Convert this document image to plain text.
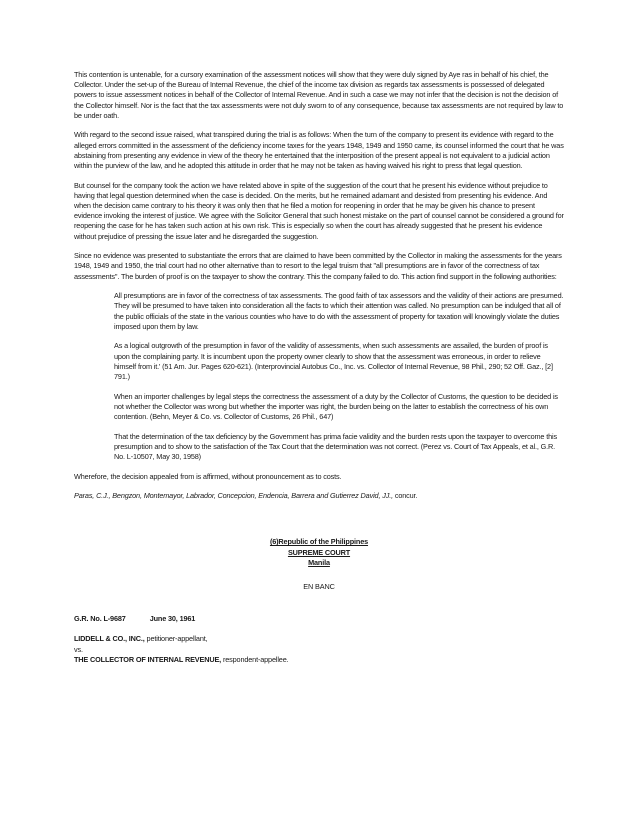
This contention is untenable, for a cursory examination of the assessment notices will show that they were duly signed by Aye ras in behalf of his chief, the Collector. Under the set-up of the Bureau of Internal Revenue, the chief of the income tax division as regards tax assessments is possessed of delegated powers to issue assessment notices in behalf of the Collector of Internal Revenue. And in such a case we may not infer that the decision is not the decision of the Collector himself. Nor is the fact that the tax assessments were not duly sworn to of any consequence, because tax assessments are not required by law to be under oath.

With regard to the second issue raised, what transpired during the trial is as follows: When the turn of the company to present its evidence with regard to the alleged errors committed in the assessment of the deficiency income taxes for the years 1948, 1949 and 1950 came, its counsel informed the court that he was abstaining from presenting any evidence in view of the theory he entertained that the interposition of the present appeal is not equivalent to a judicial action within the purview of the law, and he adopted this attitude in order that he may not be taken as having waived his right to press that legal question.

But counsel for the company took the action we have related above in spite of the suggestion of the court that he present his evidence without prejudice to having that legal question determined when the case is decided. On the merits, but he remained adamant and desisted from presenting his evidence. And when the decision came contrary to his theory it was only then that he filed a motion for reopening in order that he may be given his chance to present evidence invoking the interest of justice. We agree with the Solicitor General that such honest mistake on the part of counsel cannot be considered a ground for reopening the case for he has taken such action at his own risk. This is especially so when the court has already suggested that he present his evidence without prejudice of pressing the issue later and he disregarded the suggestion.

Since no evidence was presented to substantiate the errors that are claimed to have been committed by the Collector in making the assessments for the years 1948, 1949 and 1950, the trial court had no other alternative than to resort to the legal truism that "all presumptions are in favor of the correctness of tax assessments". The burden of proof is on the taxpayer to show the contrary. This the company failed to do. This action find support in the following authorities:

All presumptions are in favor of the correctness of tax assessments. The good faith of tax assessors and the validity of their actions are presumed. They will be presumed to have taken into consideration all the facts to which their attention was called. No presumption can be indulged that all of the public officials of the state in the various counties who have to do with the assessment of property for taxation will knowingly violate the duties imposed upon them by law.

As a logical outgrowth of the presumption in favor of the validity of assessments, when such assessments are assailed, the burden of proof is upon the complaining party. It is incumbent upon the property owner clearly to show that the assessment was erroneous, in order to relieve himself from it.' (51 Am. Jur. Pages 620-621). (Interprovincial Autobus Co., Inc. vs. Collector of Internal Revenue, 98 Phil., 290; 52 Off. Gaz., [2] 791.)

When an importer challenges by legal steps the correctness the assessment of a duty by the Collector of Customs, the question to be decided is not whether the Collector was wrong but whether the importer was right, the burden being on the latter to establish the correctness of his own contention. (Behn, Meyer & Co. vs. Collector of Customs, 26 Phil., 647)

That the determination of the tax deficiency by the Government has prima facie validity and the burden rests upon the taxpayer to overcome this presumption and to show to the satisfaction of the Tax Court that the determination was not correct. (Perez vs. Court of Tax Appeals, et al., G.R. No. L-10507, May 30, 1958)

Wherefore, the decision appealed from is affirmed, without pronouncement as to costs.

Paras, C.J., Bengzon, Montemayor, Labrador, Concepcion, Endencia, Barrera and Gutierrez David, JJ., concur.

(6)Republic of the Philippines
SUPREME COURT
Manila

EN BANC

G.R. No. L-9687	June 30, 1961

LIDDELL & CO., INC., petitioner-appellant,

vs.

THE COLLECTOR OF INTERNAL REVENUE, respondent-appellee.
